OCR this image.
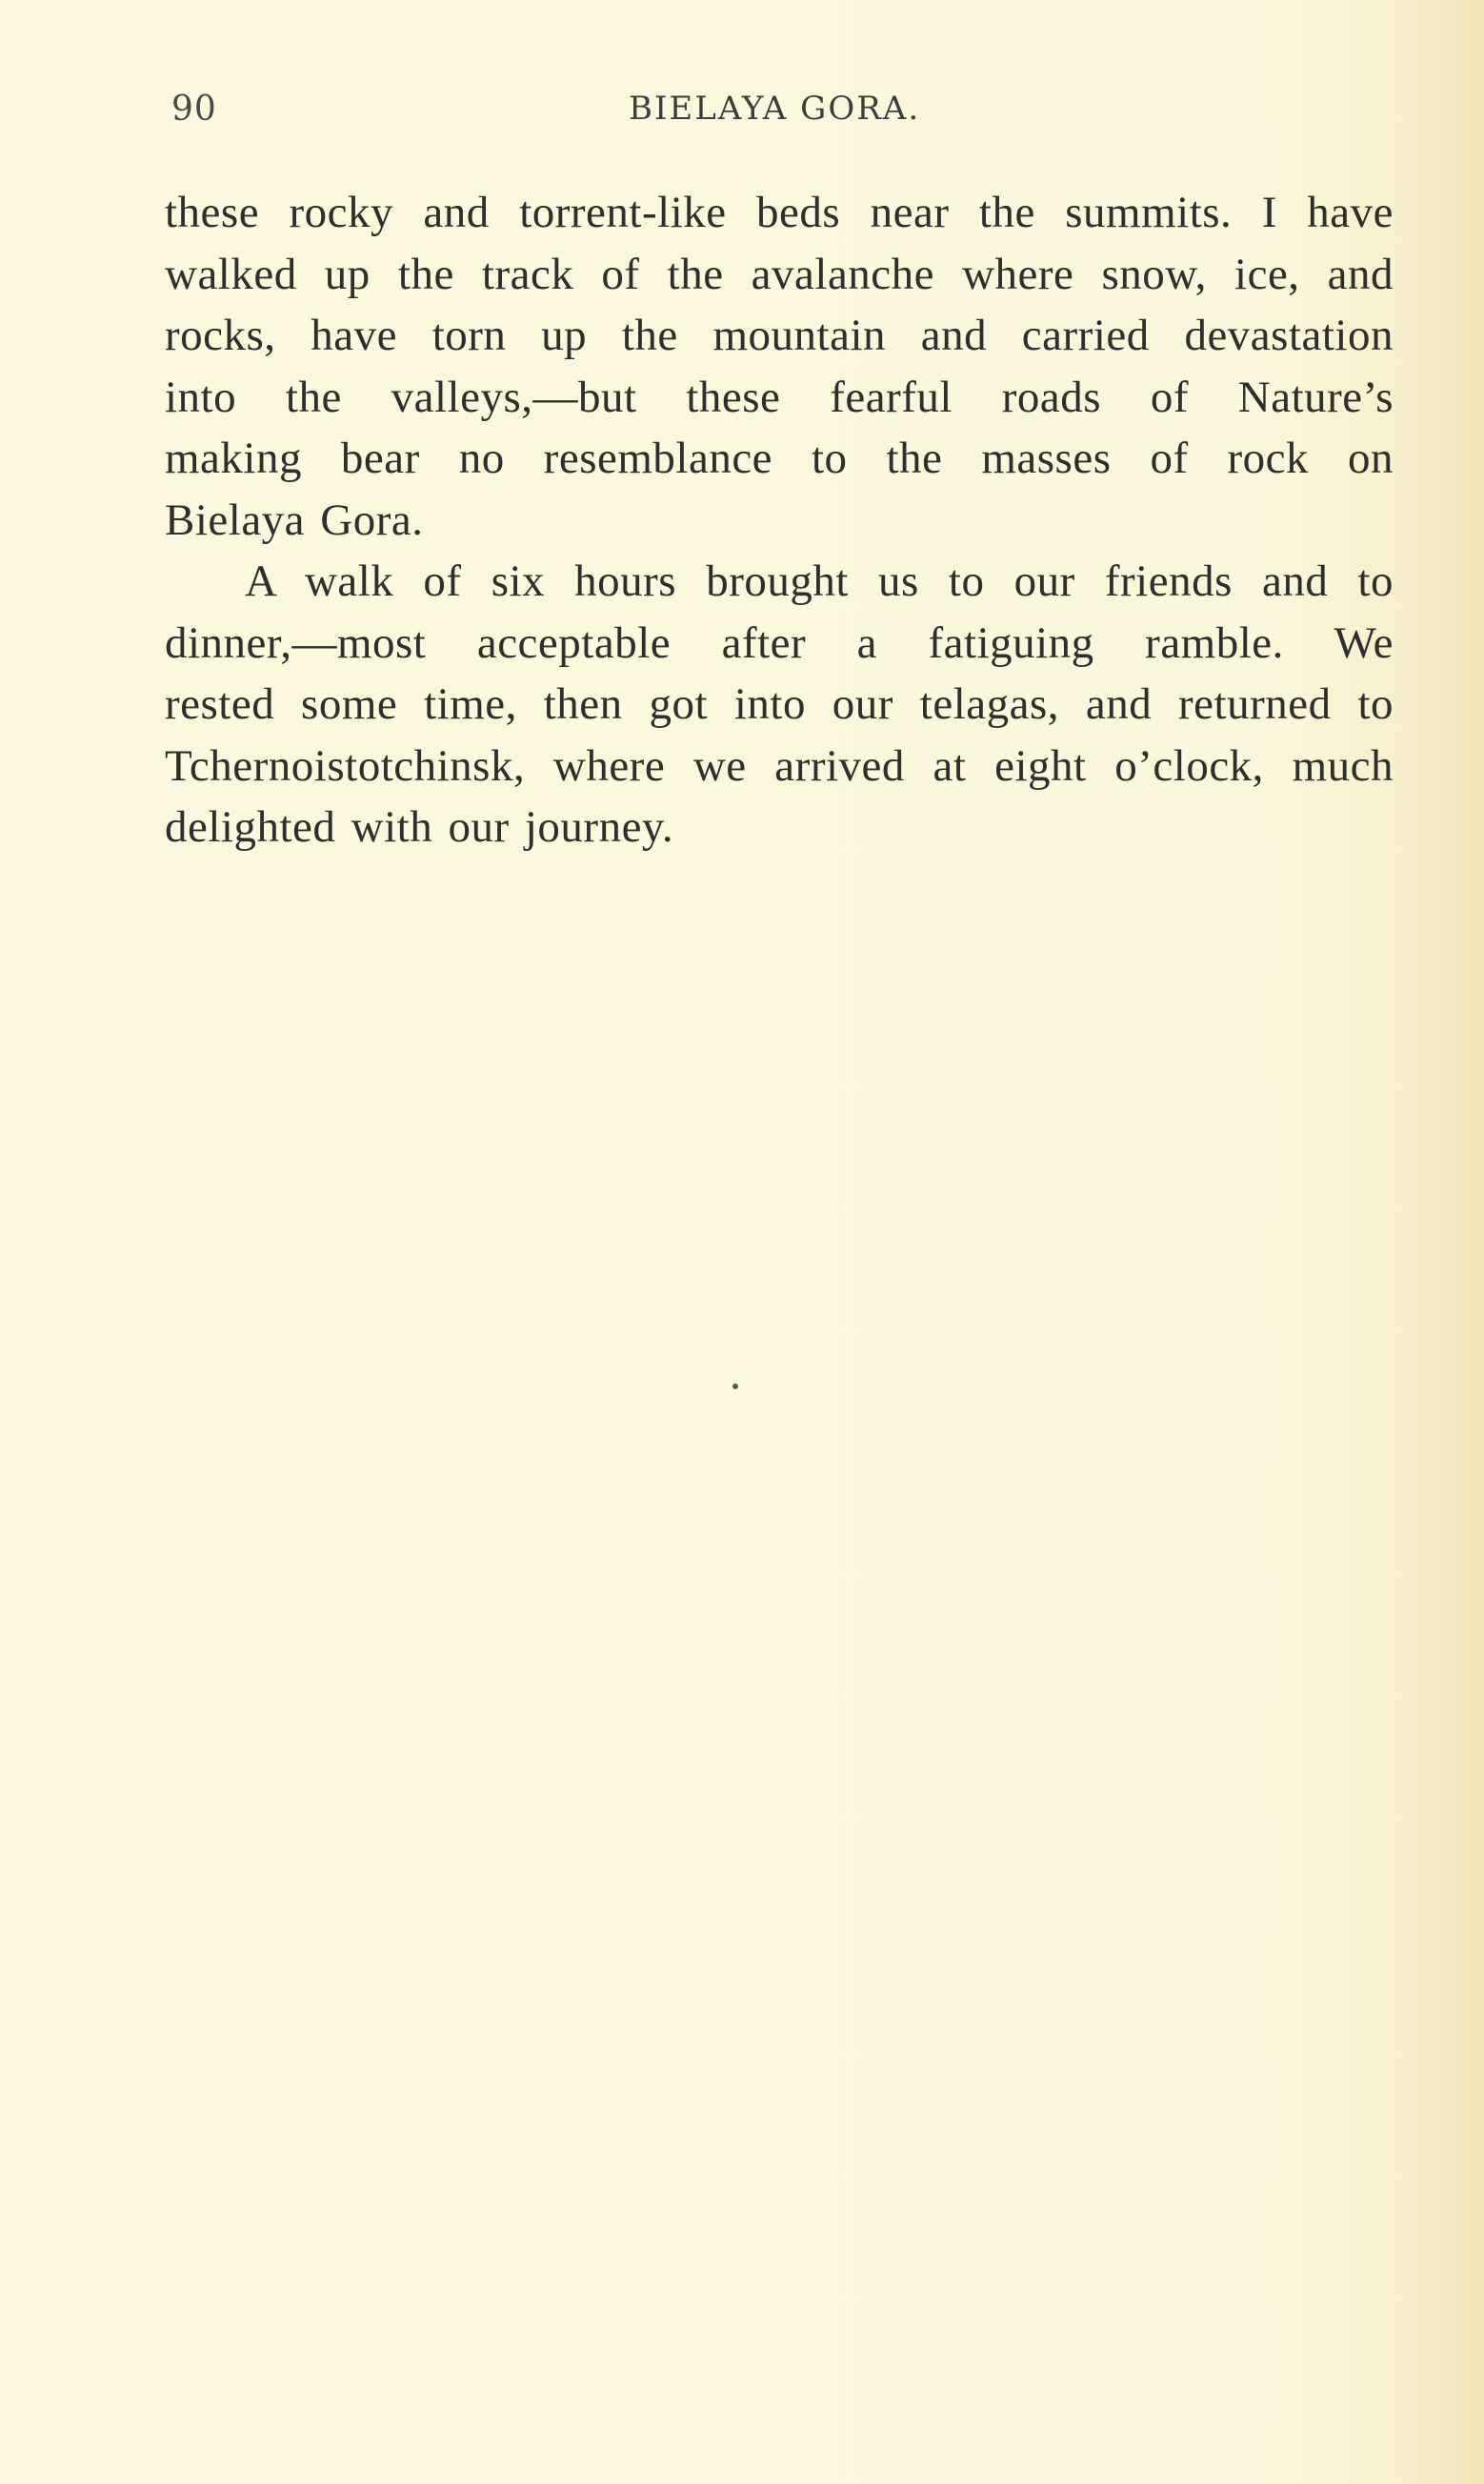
90	BIELAYA GORA.
these rocky and torrent-like beds near the summits. I have
walked up the track of the avalanche where snow, ice, and
rocks, have torn up the mountain and carried devastation
into the valleys,—but these fearful roads of Nature’s
making bear no resemblance to the masses of rock on
Bielaya Gora.
A walk of six hours brought us to our friends and to
dinner,—most acceptable after a fatiguing ramble. We
rested some time, then got into our telagas, and returned to
Tchernoistotchinsk, where we arrived at eight o’clock, much
delighted with our journey.
